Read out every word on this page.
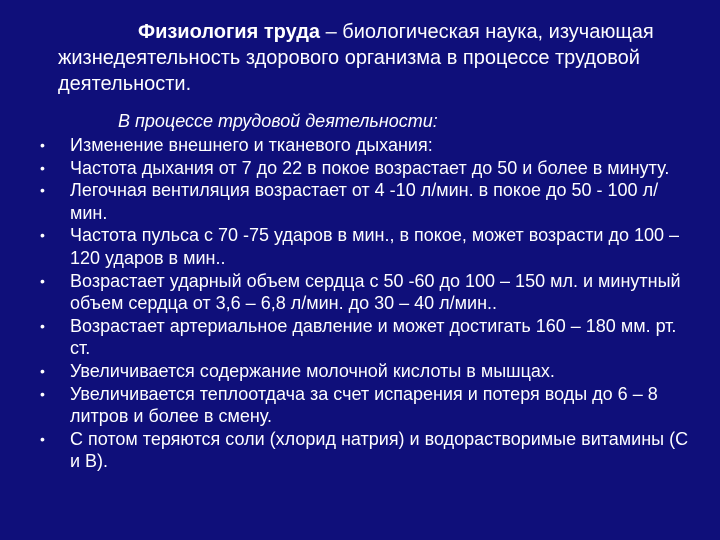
Физиология труда – биологическая наука, изучающая жизнедеятельность здорового организма в процессе трудовой деятельности.

В процессе трудовой деятельности:
• Изменение внешнего и тканевого дыхания:
• Частота дыхания от 7 до 22 в покое возрастает до 50 и более в минуту.
• Легочная вентиляция возрастает от 4 -10 л/мин. в покое до 50 - 100 л/мин.
• Частота пульса с 70 -75 ударов в мин., в покое, может возрасти до 100 – 120 ударов в мин..
• Возрастает ударный объем сердца с 50 -60 до 100 – 150 мл. и минутный объем сердца от 3,6 – 6,8 л/мин. до 30 – 40 л/мин..
• Возрастает артериальное давление и может достигать 160 – 180 мм. рт. ст.
• Увеличивается содержание молочной кислоты в мышцах.
• Увеличивается теплоотдача за счет испарения и потеря воды до 6 – 8 литров и более в смену.
• С потом теряются соли (хлорид натрия) и водорастворимые витамины (С и В).
